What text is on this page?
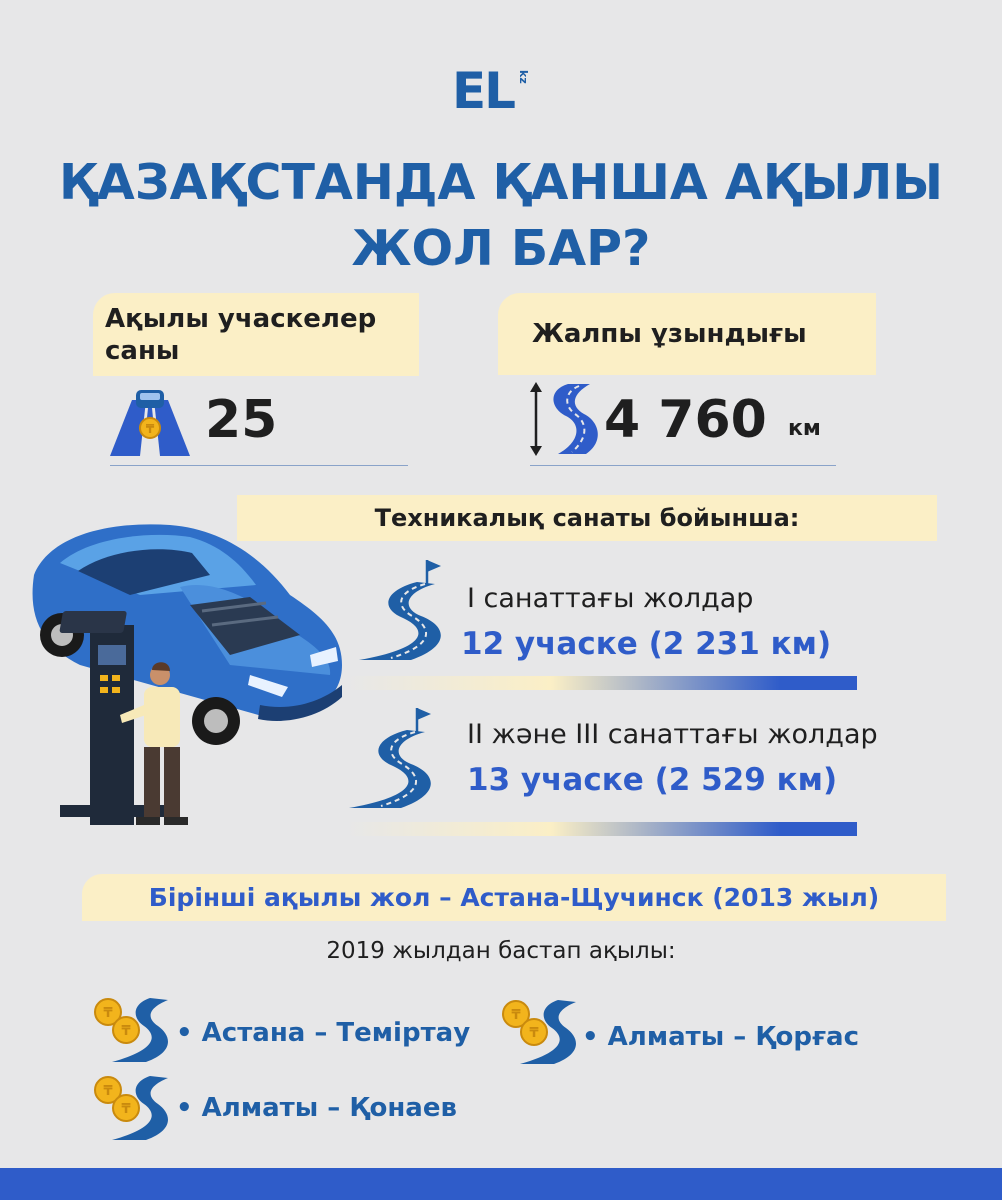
EL kz
ҚАЗАҚСТАНДА ҚАНША АҚЫЛЫ
ЖОЛ БАР?
Ақылы учаскелер саны
Жалпы ұзындығы
₸ 25	4 760 км
Техникалық санаты бойынша:
I санаттағы жолдар
12 учаске (2 231 км)
II және III санаттағы жолдар
13 учаске (2 529 км)
Бірінші ақылы жол – Астана-Щучинск (2013 жыл)
2019 жылдан бастап ақылы:
₸
₸ • Астана – Теміртау
₸
₸ • Алматы – Қорғас
₸
₸ • Алматы – Қонаев
